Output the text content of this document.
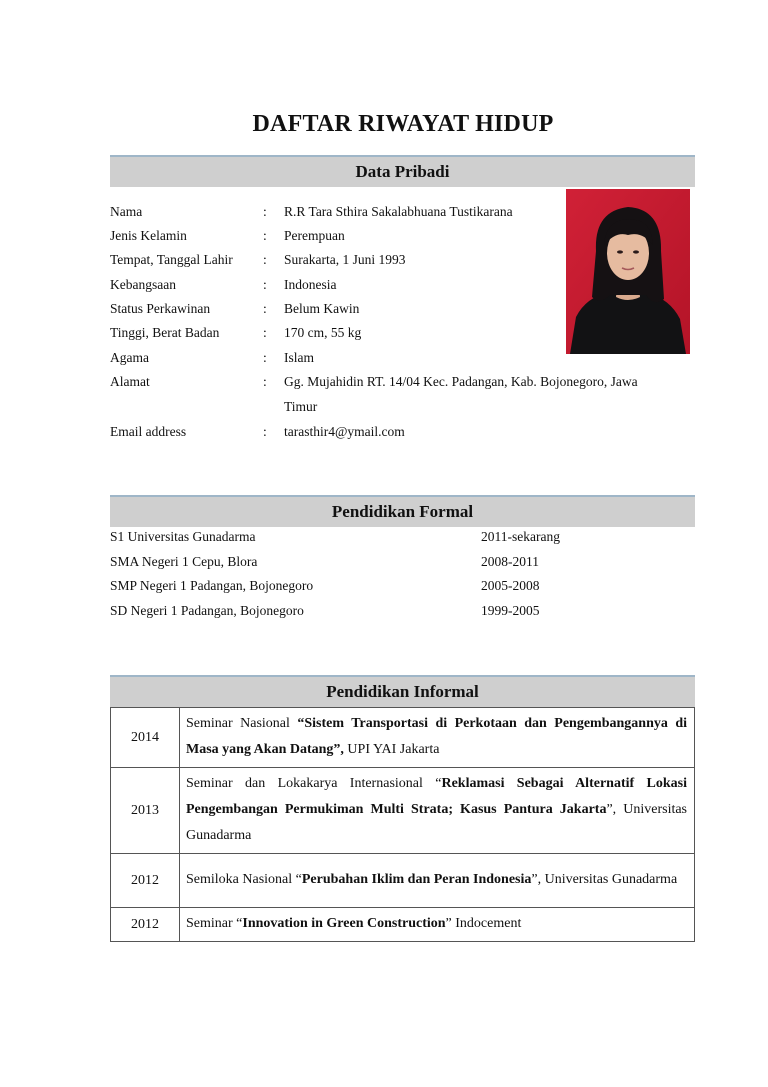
DAFTAR RIWAYAT HIDUP
Data Pribadi
Nama	: R.R Tara Sthira Sakalabhuana Tustikarana
Jenis Kelamin	: Perempuan
Tempat, Tanggal Lahir : Surakarta, 1 Juni 1993
Kebangsaan	: Indonesia
Status Perkawinan	: Belum Kawin
Tinggi, Berat Badan	: 170 cm, 55 kg
Agama	: Islam
Alamat	: Gg. Mujahidin RT. 14/04 Kec. Padangan, Kab. Bojonegoro, Jawa
Timur
Email address	: tarasthir4@ymail.com
Pendidikan Formal
S1 Universitas Gunadarma	2011-sekarang
SMA Negeri 1 Cepu, Blora	2008-2011
SMP Negeri 1 Padangan, Bojonegoro	2005-2008
SD Negeri 1 Padangan, Bojonegoro	1999-2005
Pendidikan Informal
2014	Seminar Nasional “Sistem Transportasi di Perkotaan dan Pengembangannya di Masa yang Akan Datang”, UPI YAI Jakarta
2013	Seminar dan Lokakarya Internasional “Reklamasi Sebagai Alternatif Lokasi Pengembangan Permukiman Multi Strata; Kasus Pantura Jakarta”, Universitas Gunadarma
2012	Semiloka Nasional “Perubahan Iklim dan Peran Indonesia”, Universitas Gunadarma
2012	Seminar “Innovation in Green Construction” Indocement
